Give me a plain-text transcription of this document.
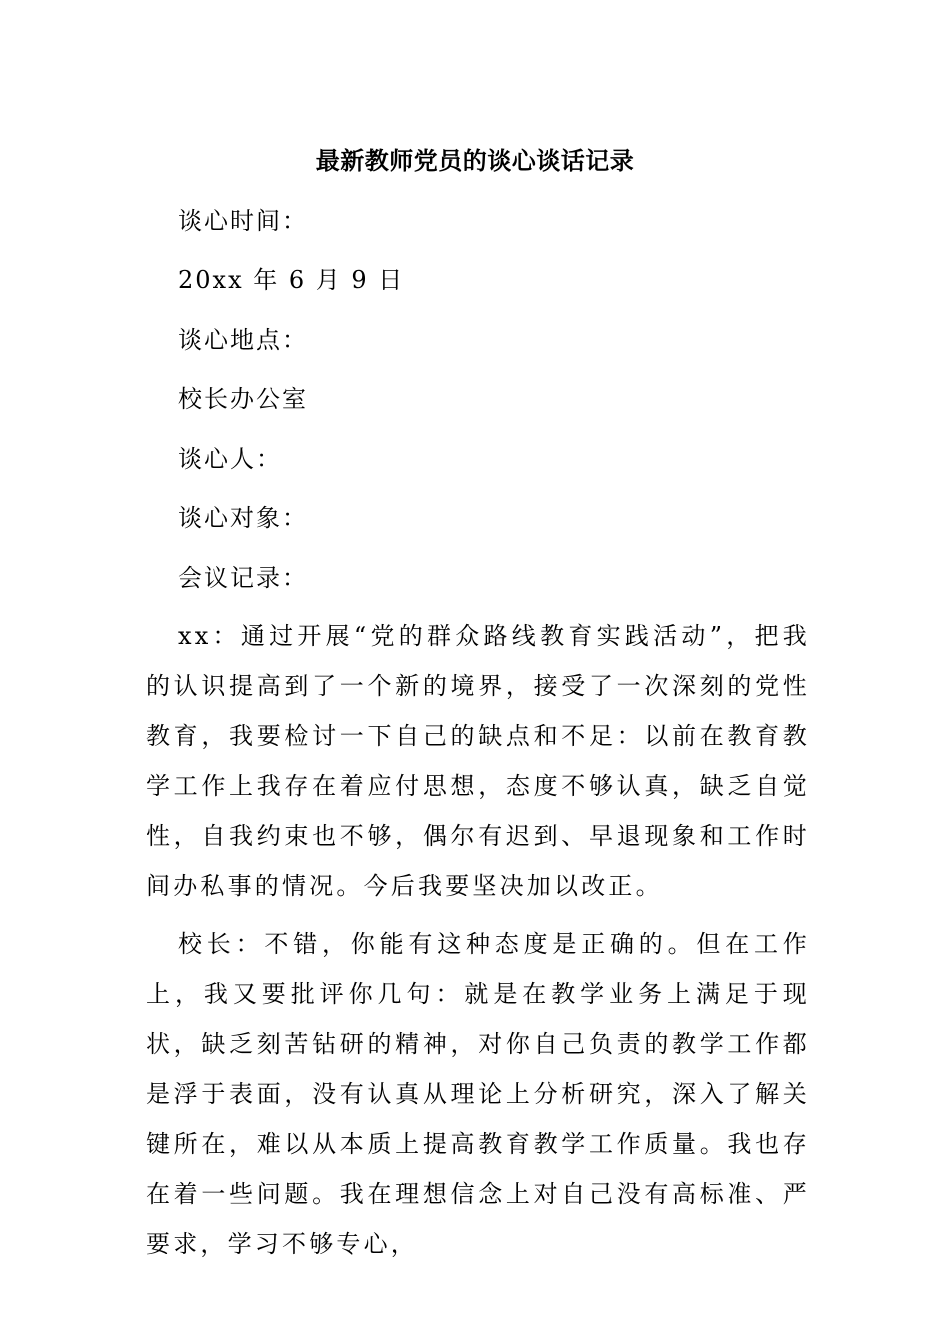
最新教师党员的谈心谈话记录
谈心时间：
20xx 年 6 月 9 日
谈心地点：
校长办公室
谈心人：
谈心对象：
会议记录：

xx：通过开展“党的群众路线教育实践活动”，把我的认识提高到了一个新的境界，接受了一次深刻的党性教育，我要检讨一下自己的缺点和不足：以前在教育教学工作上我存在着应付思想，态度不够认真，缺乏自觉性，自我约束也不够，偶尔有迟到、早退现象和工作时间办私事的情况。今后我要坚决加以改正。

校长：不错，你能有这种态度是正确的。但在工作上，我又要批评你几句：就是在教学业务上满足于现状，缺乏刻苦钻研的精神，对你自己负责的教学工作都是浮于表面，没有认真从理论上分析研究，深入了解关键所在，难以从本质上提高教育教学工作质量。我也存在着一些问题。我在理想信念上对自己没有高标准、严要求，学习不够专心，
